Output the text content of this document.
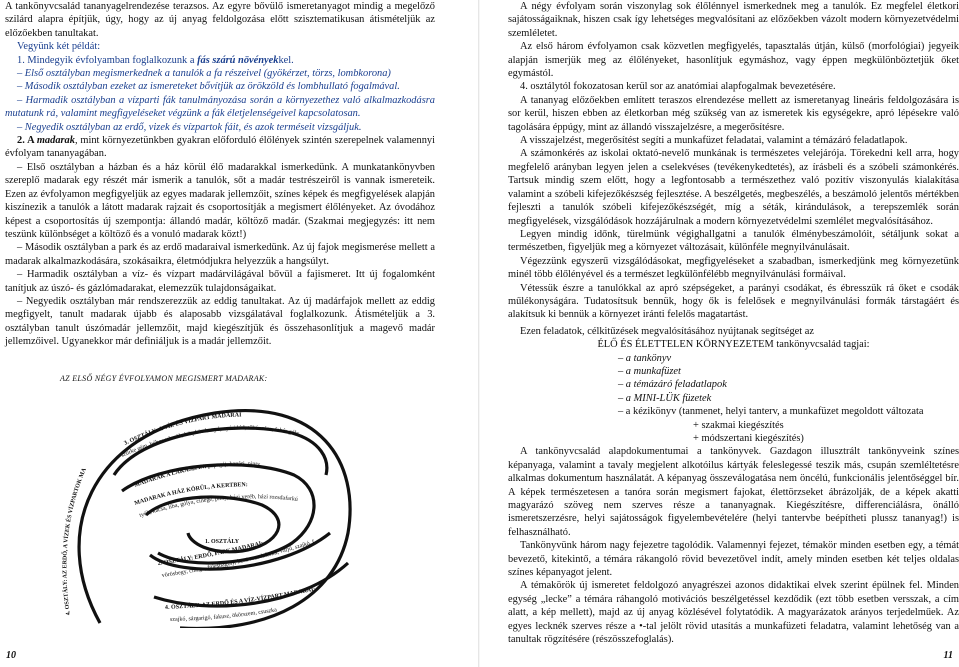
A tankönyvcsalád tananyagelrendezése terazsos. Az egyre bővülő ismeretanyagot mindig a megelőző szilárd alapra építjük, úgy, hogy az új anyag feldolgozása előtt szisztematikusan átismételjük az előzőekben tanultakat.

Vegyünk két példát:

1. Mindegyik évfolyamban foglalkozunk a fás szárú növényekkel.

– Első osztályban megismerkednek a tanulók a fa részeivel (gyökérzet, törzs, lombkorona)

– Második osztályban ezeket az ismereteket bővítjük az örökzöld és lombhullató fogalmával.

– Harmadik osztályban a vízparti fák tanulmányozása során a környezethez való alkalmazkodásra mutatunk rá, valamint megfigyeléseket végzünk a fák életjelenségeivel kapcsolatosan.

– Negyedik osztályban az erdő, vizek és vízpartok fáit, és azok terméseit vizsgáljuk.

2. A madarak, mint környezetünkben gyakran előforduló élőlények szintén szerepelnek valamennyi évfolyam tananyagában.

– Első osztályban a házban és a ház körül élő madarakkal ismerkedünk. A munkatankönyvben szereplő madarak egy részét már ismerik a tanulók, sőt a madár testrészeiről is vannak ismereteik. Ezen az évfolyamon megfigyeljük az egyes madarak jellemzőit, színes képek és megfigyelések alapján kiszínezik a tanulók a látott madarak rajzait és csoportosítják a megismert élőlényeket. Az óvodához képest a csoportosítás új szempontja: állandó madár, költöző madár. (Szakmai megjegyzés: itt nem teszünk különbséget a költöző és a vonuló madarak közt!)

– Második osztályban a park és az erdő madaraival ismerkedünk. Az új fajok megismerése mellett a madarak alkalmazkodására, szokásaikra, életmódjukra helyezzük a hangsúlyt.

– Harmadik osztályban a víz- és vízpart madárvilágával bővül a fajismeret. Itt új fogalomként tanítjuk az úszó- és gázlómadarakat, elemezzük tulajdonságaikat.

– Negyedik osztályban már rendszerezzük az eddig tanultakat. Az új madárfajok mellett az eddig megfigyelt, tanult madarak újabb és alaposabb vizsgálatával foglalkozunk. Átismételjük a 3. osztályban tanult úszómadár jellemzőit, majd kiegészítjük és összehasonlítjuk a magevő madár jellemzőivel. Ugyanekkor már definiáljuk is a madár jellemzőit.

AZ ELSŐ NÉGY ÉVFOLYAMON MEGISMERT MADARAK:
3. OSZTÁLY: A VÍZ ÉS VÍZPART MADARAI
szürke gém, búbos vöcsök, bütykös hattyú, nyári lúd, tőkés réce, fehér góly
MADARAK A LAKÁSBAN: papagáj, kanári, pinty
MADARAK A HÁZ KÖRÜL, A KERTBEN:
tyúk, kacsa, liba, gólya, cinege, pinty, házi veréb, házi rozsdafarkú
1. OSZTÁLY
2. OSZTÁLY: ERDŐ, PARK MADARAI:
vörösbegy, cinege, fülesbagoly, kerti rozsdafarkú, varjú, szajkó, f
4. OSZTÁLY: AZ ERDŐ ÉS A VÍZ-VÍZPART MADARAI:
szajkó, sárgarigó, fakusz, ökörszem, csuszka
4. OSZTÁLY: AZ ERDŐ, A VÍZEK ÉS VÍZPARTOK MA
10

A négy évfolyam során viszonylag sok élőlénnyel ismerkednek meg a tanulók. Ez megfelel életkori sajátosságaiknak, hiszen csak így lehetséges megvalósítani az előzőekben vázolt modern környezetvédelmi szemléletet.

Az első három évfolyamon csak közvetlen megfigyelés, tapasztalás útján, külső (morfológiai) jegyeik alapján ismerjük meg az élőlényeket, hasonlítjuk egymáshoz, vagy éppen megkülönböztetjük őket egymástól.

4. osztálytól fokozatosan kerül sor az anatómiai alapfogalmak bevezetésére.

A tananyag előzőekben említett teraszos elrendezése mellett az ismeretanyag lineáris feldolgozására is sor kerül, hiszen ebben az életkorban még szükség van az ismeretek kis egységekre, apró lépésekre való tagolására éppúgy, mint az állandó visszajelzésre, a megerősítésre.

A visszajelzést, megerősítést segíti a munkafüzet feladatai, valamint a témázáró feladatlapok.

A számonkérés az iskolai oktató-nevelő munkának is természetes velejárója. Törekedni kell arra, hogy megfelelő arányban legyen jelen a cselekvéses (tevékenykedtetés), az írásbeli és a szóbeli számonkérés. Tartsuk mindig szem előtt, hogy a legfontosabb a természethez való pozitív viszonyulás kialakítása valamint a szóbeli kifejezőkészség fejlesztése. A beszélgetés, megbeszélés, a beszámoló jelentős mértékben fejleszti a tanulók szóbeli kifejezőkészségét, míg a séták, kirándulások, a terepszemlék során megfigyelések, vizsgálódások hozzájárulnak a modern környezetvédelmi szemlélet megvalósításához.

Legyen mindig időnk, türelmünk végighallgatni a tanulók élménybeszámolóit, sétáljunk sokat a természetben, figyeljük meg a környezet változásait, különféle megnyilvánulásait.

Végezzünk egyszerű vizsgálódásokat, megfigyeléseket a szabadban, ismerkedjünk meg környezetünk minél több élőlényével és a természet legkülönfélébb megnyilvánulási formáival.

Vétessük észre a tanulókkal az apró szépségeket, a parányi csodákat, és ébresszük rá őket e csodák műlékonyságára. Tudatosítsuk bennük, hogy ők is felelősek e megnyilvánulási formák társtagáért és alakítsuk ki bennük a környezet iránti felelős magatartást.

Ezen feladatok, célkitűzések megvalósításához nyújtanak segítséget az

ÉLŐ ÉS ÉLETTELEN KÖRNYEZETEM tankönyvcsalád tagjai:

– a tankönyv

– a munkafüzet

– a témázáró feladatlapok

– a MINI-LÜK füzetek

– a kézikönyv (tanmenet, helyi tanterv, a munkafüzet megoldott változata

+ szakmai kiegészítés

+ módszertani kiegészítés)

A tankönyvcsalád alapdokumentumai a tankönyvek. Gazdagon illusztrált tankönyveink színes képanyaga, valamint a tavaly megjelent alkotóilus kártyák feleslegessé teszik más, csupán szemléltetésre alkalmas dokumentum használatát. A képanyag összeválogatása nem öncélú, funkcionális jelentőséggel bír. A képek természetesen a tanóra során megismert fajokat, élettörzseket ábrázolják, de a képek akatti magyarázó szöveg nem szerves része a tananyagnak. Kiegészítésre, differenciálásra, önálló ismeretszerzésre, helyi sajátosságok figyelembevételére (helyi tantervbe beépítheti plussz tananyag!) is felhasználható.

Tankönyvünk három nagy fejezetre tagolódik. Valamennyi fejezet, témakör minden esetben egy, a témát bevezető, kitekintő, a témára rákangoló rövid bevezetővel indít, amely minden esetben két teljes oldalas színes képanyagot jelent.

A témakörök új ismeretet feldolgozó anyagrészei azonos didaktikai elvek szerint épülnek fel. Minden egység „lecke” a témára ráhangoló motivációs beszélgetéssel kezdődik (ezt több esetben versszak, a cím alatt, a kép mellett), majd az új anyag közlésével folytatódik. A magyarázatok arányos terjedelműek. Az egyes lecknék szerves része a •-tal jelölt rövid utasítás a munkafüzeti feladatra, valamint lehetőség van a tanultak rögzítésére (részösszefoglalás).

11
